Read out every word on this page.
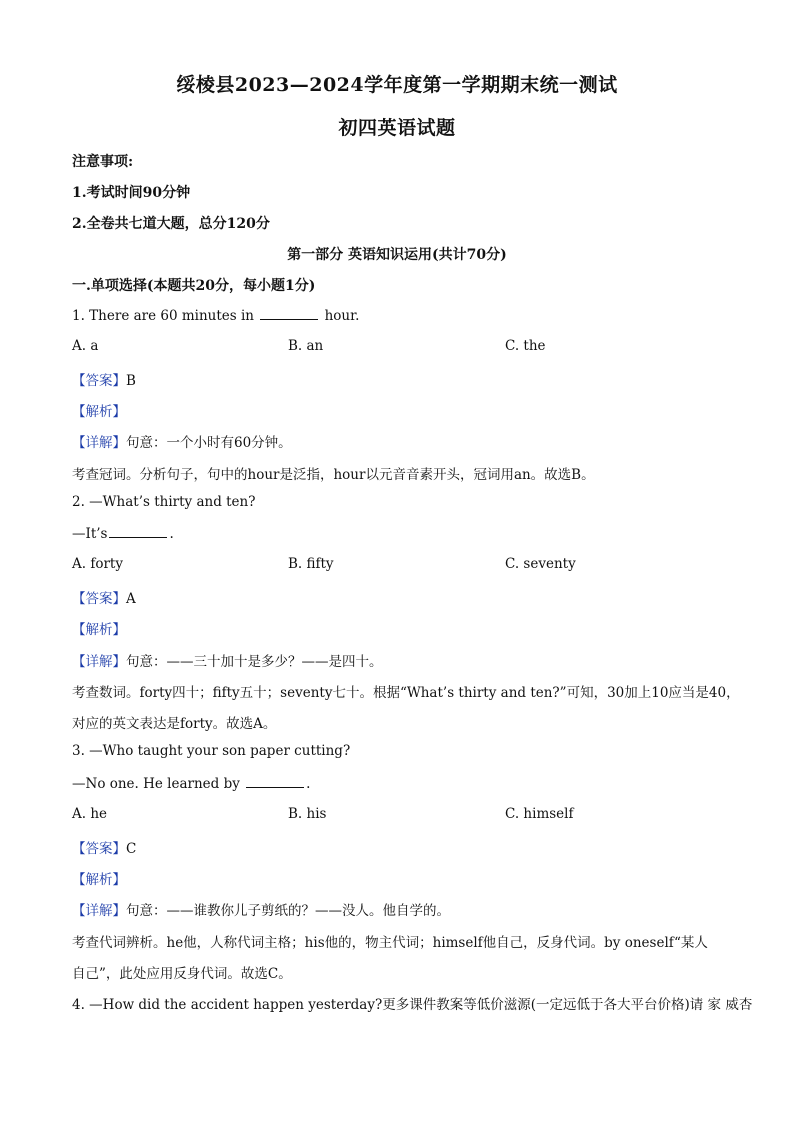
绥棱县2023—2024学年度第一学期期末统一测试
初四英语试题
注意事项:
1.考试时间90分钟
2.全卷共七道大题，总分120分
第一部分 英语知识运用(共计70分)
一.单项选择(本题共20分，每小题1分)
1. There are 60 minutes in	hour.
A. a	B. an	C. the
【答案】B
【解析】
【详解】句意：一个小时有60分钟。
考查冠词。分析句子，句中的hour是泛指，hour以元音音素开头，冠词用an。故选B。
2. —What’s thirty and ten?
—It’s	.
A. forty	B. fifty	C. seventy
【答案】A
【解析】
【详解】句意：——三十加十是多少？——是四十。
考查数词。forty四十；fifty五十；seventy七十。根据“What’s thirty and ten?”可知，30加上10应当是40，
对应的英文表达是forty。故选A。
3. —Who taught your son paper cutting?
—No one. He learned by	.
A. he	B. his	C. himself
【答案】C
【解析】
【详解】句意：——谁教你儿子剪纸的？——没人。他自学的。
考查代词辨析。he他，人称代词主格；his他的，物主代词；himself他自己，反身代词。by oneself“某人
自己”，此处应用反身代词。故选C。
4. —How did the accident happen yesterday?更多课件教案等低价滋源(一定远低于各大平台价格)请 家 威杏
